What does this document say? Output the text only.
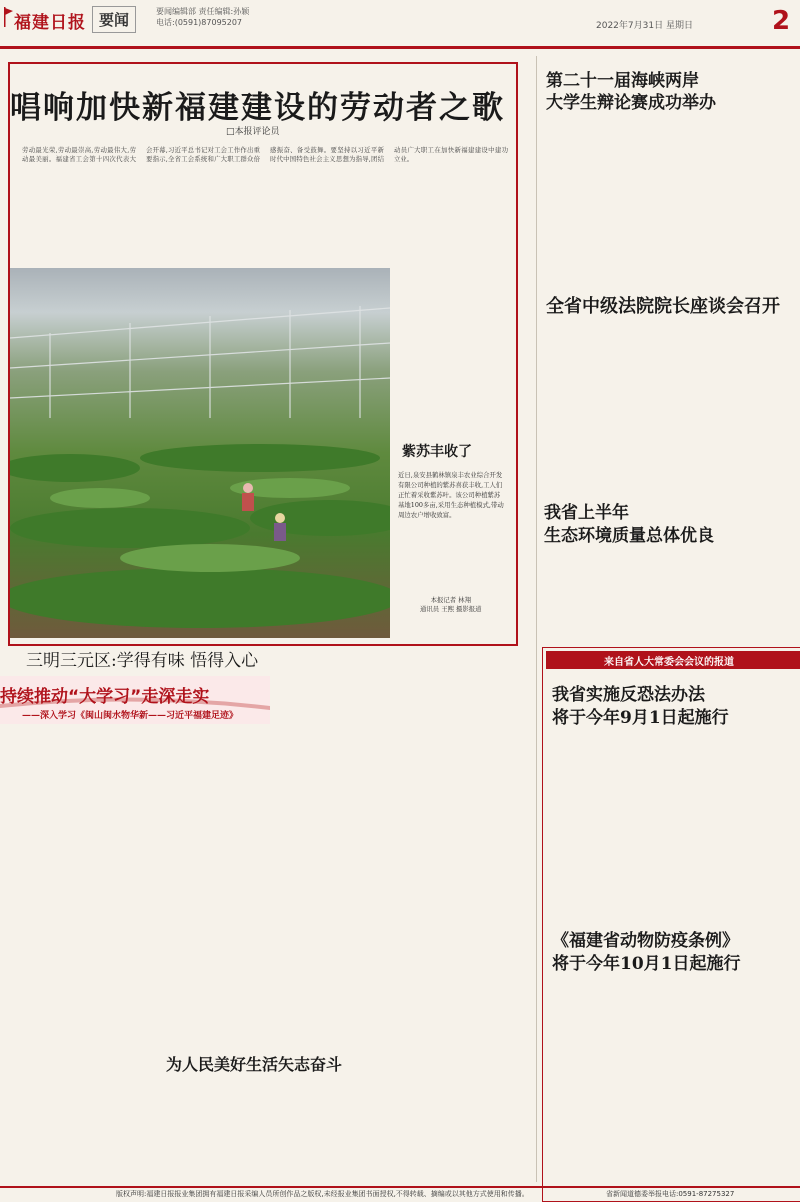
福建日报 要闻	要闻编辑部 责任编辑:孙颖
电话:(0591)87095207	2022年7月31日 星期日	2
唱响加快新福建建设的劳动者之歌
□本报评论员
劳动最光荣,劳动最崇高,劳动最伟大,劳动最美丽。福建省工会第十四次代表大会开幕,习近平总书记对工会工作作出重要指示,全省工会系统和广大职工群众倍感振奋、备受鼓舞。要坚持以习近平新时代中国特色社会主义思想为指导,团结动员广大职工在加快新福建建设中建功立业。
紫苏丰收了
近日,泉安县鹤林镇泉丰农业综合开发有限公司种植的紫苏喜获丰收,工人们正忙着采收紫苏叶。该公司种植紫苏基地100多亩,采用生态种植模式,带动周边农户增收致富。
本报记者 林翔
通讯员 王熙 摄影报道
三明三元区:学得有味 悟得入心
持续推动“大学习”走深走实
——深入学习《闽山闽水物华新——习近平福建足迹》
为人民美好生活矢志奋斗
第二十一届海峡两岸
大学生辩论赛成功举办
全省中级法院院长座谈会召开
我省上半年
生态环境质量总体优良
来自省人大常委会会议的报道
我省实施反恐法办法
将于今年9月1日起施行
《福建省动物防疫条例》
将于今年10月1日起施行
版权声明:福建日报报业集团拥有福建日报采编人员所创作品之版权,未经报业集团书面授权,不得转载、摘编或以其他方式使用和传播。	省新闻道德委举报电话:0591-87275327
